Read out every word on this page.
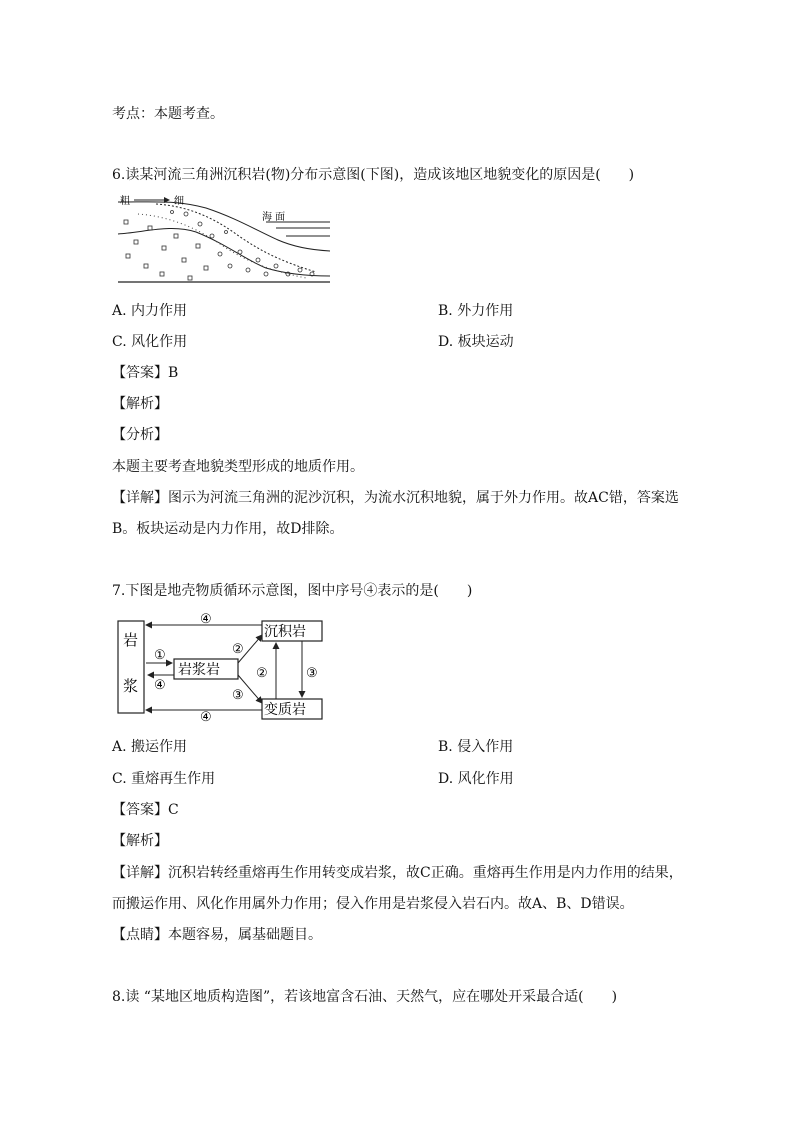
考点：本题考查。
6.读某河流三角洲沉积岩(物)分布示意图(下图)，造成该地区地貌变化的原因是(　　)
粗	细
海 面
A. 内力作用	B. 外力作用
C. 风化作用	D. 板块运动
【答案】B
【解析】
【分析】
本题主要考查地貌类型形成的地质作用。
【详解】图示为河流三角洲的泥沙沉积，为流水沉积地貌，属于外力作用。故AC错，答案选
B。板块运动是内力作用，故D排除。
7.下图是地壳物质循环示意图，图中序号④表示的是(　　)
岩
浆
岩浆岩
沉积岩
变质岩
④
②
①
④
②	③
③
④
A. 搬运作用	B. 侵入作用
C. 重熔再生作用	D. 风化作用
【答案】C
【解析】
【详解】沉积岩转经重熔再生作用转变成岩浆，故C正确。重熔再生作用是内力作用的结果，
而搬运作用、风化作用属外力作用；侵入作用是岩浆侵入岩石内。故A、B、D错误。
【点睛】本题容易，属基础题目。
8.读 “某地区地质构造图”，若该地富含石油、天然气，应在哪处开采最合适(　　)
